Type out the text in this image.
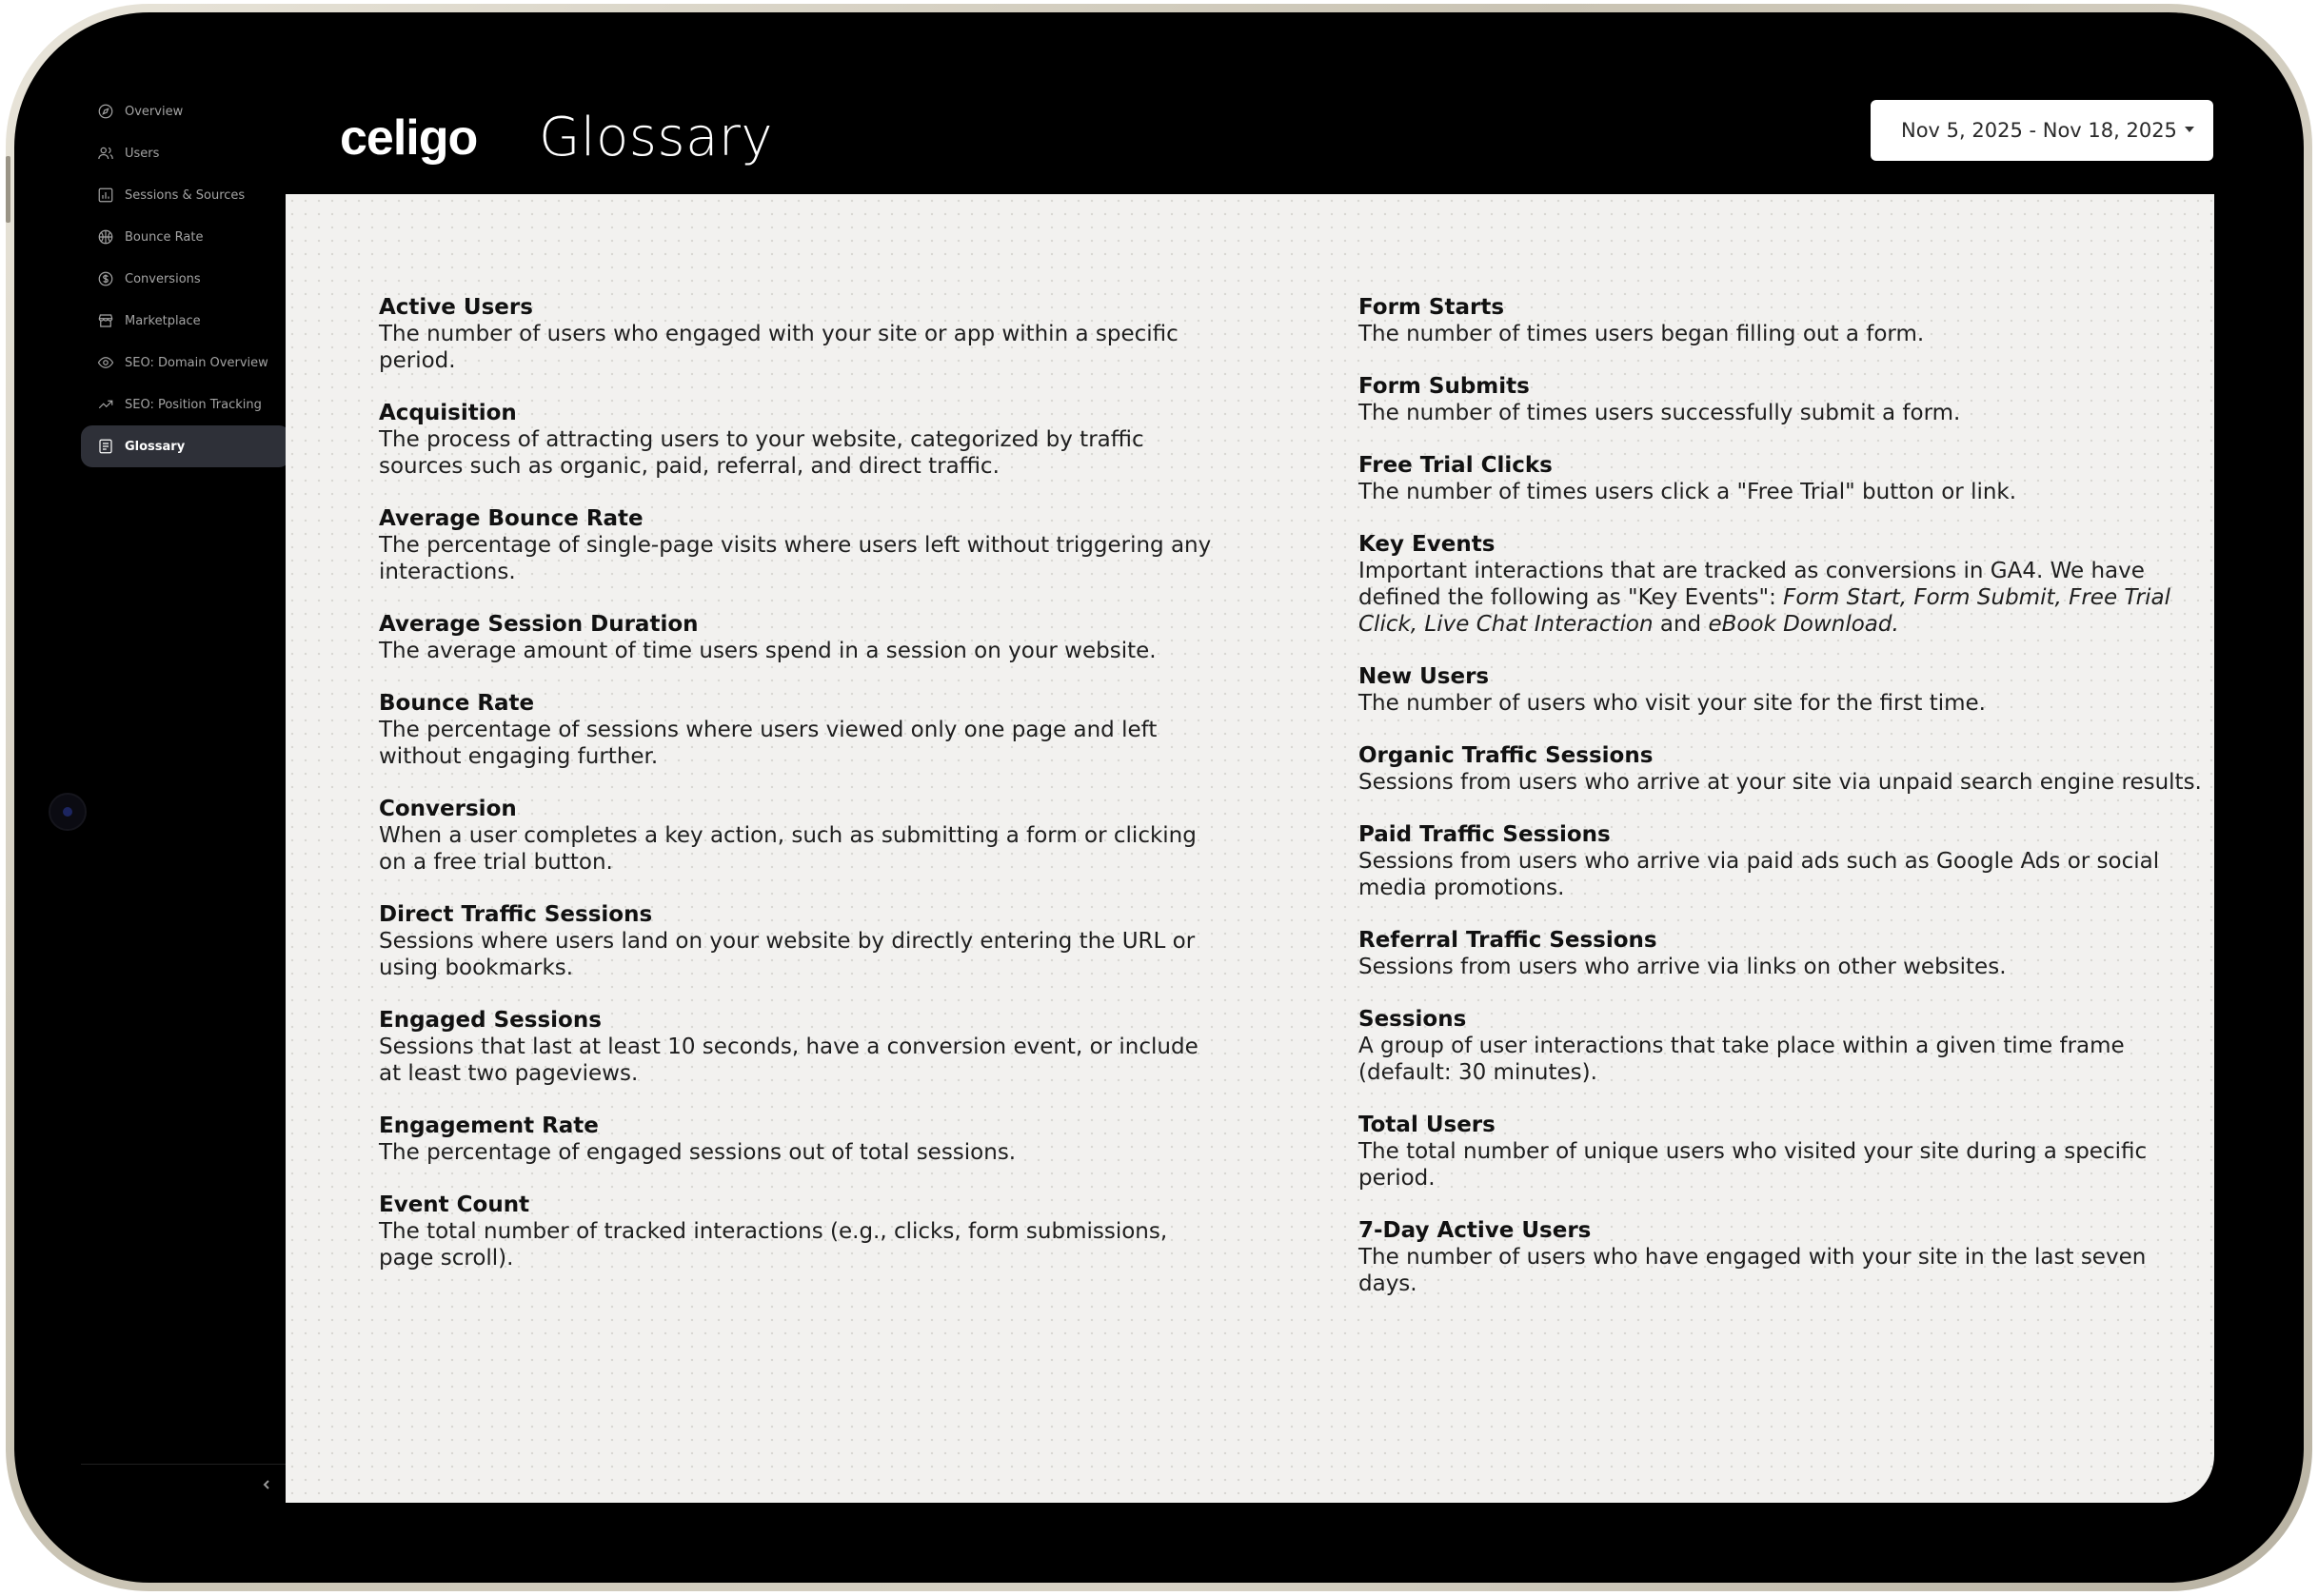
Overview
Users
Sessions & Sources
Bounce Rate
Conversions
Marketplace
SEO: Domain Overview
SEO: Position Tracking
Glossary
celigo Glossary	Nov 5, 2025 - Nov 18, 2025
Active Users
The number of users who engaged with your site or app within a specific period.
Acquisition
The process of attracting users to your website, categorized by traffic sources such as organic, paid, referral, and direct traffic.
Average Bounce Rate
The percentage of single-page visits where users left without triggering any interactions.
Average Session Duration
The average amount of time users spend in a session on your website.
Bounce Rate
The percentage of sessions where users viewed only one page and left without engaging further.
Conversion
When a user completes a key action, such as submitting a form or clicking on a free trial button.
Direct Traffic Sessions
Sessions where users land on your website by directly entering the URL or using bookmarks.
Engaged Sessions
Sessions that last at least 10 seconds, have a conversion event, or include at least two pageviews.
Engagement Rate
The percentage of engaged sessions out of total sessions.
Event Count
The total number of tracked interactions (e.g., clicks, form submissions, page scroll).
Form Starts
The number of times users began filling out a form.
Form Submits
The number of times users successfully submit a form.
Free Trial Clicks
The number of times users click a "Free Trial" button or link.
Key Events
Important interactions that are tracked as conversions in GA4. We have defined the following as "Key Events": Form Start, Form Submit, Free Trial Click, Live Chat Interaction and eBook Download.
New Users
The number of users who visit your site for the first time.
Organic Traffic Sessions
Sessions from users who arrive at your site via unpaid search engine results.
Paid Traffic Sessions
Sessions from users who arrive via paid ads such as Google Ads or social media promotions.
Referral Traffic Sessions
Sessions from users who arrive via links on other websites.
Sessions
A group of user interactions that take place within a given time frame (default: 30 minutes).
Total Users
The total number of unique users who visited your site during a specific period.
7-Day Active Users
The number of users who have engaged with your site in the last seven days.
